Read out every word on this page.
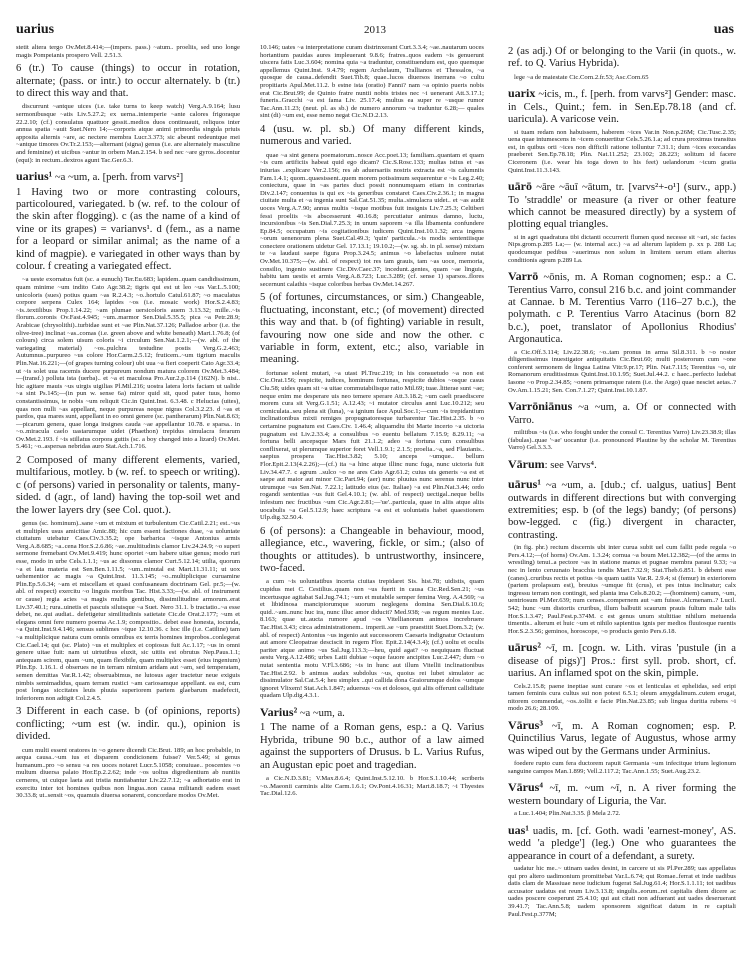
uarius	2013	uas

stetit altera tergo Ov.Met.8.414;—(impers. pass.) ~atum.. proeliis, sed uno longe magis Pompeianis prospero Vell. 2.51.3.

6 (tr.) To cause (things) to occur in rotation, alternate; (pass. or intr.) to occur alternately. b (tr.) to direct this way and that.

discurrunt ~antque uices (i.e. take turns to keep watch) Verg.A.9.164; lusu sermonibusque ~atis Liv.5.27.2; ex uerna..intemperie ~ante calores frigoraque 22.2.10; (cf.) consulatus quattuor gessit..medios duos continuauit, reliquos inter annua spatia ~auit Suet.Nero 14;—corporis atque animi primordia singula priuis apposita alternis ~are, ac nectere membra Lucr.3.373; sic abeunt redeuntque mei ~antque timores Ov.Tr.2.153;—alternant (signa) genus (i.e. are alternately masculine and feminine) et uicibus ~antur in orbem Man.2.154. b sed nec ~are gyros..docentur (equi): in rectum..dextros agunt Tac.Ger.6.3.

uarius¹ ~a ~um, a. [perh. from varvs²]

1 Having two or more contrasting colours, particoloured, variegated. b (w. ref. to the colour of the skin after flogging). c (as the name of a kind of vine or its grapes) = varianvs¹. d (fem., as a name for a leopard or similar animal; as the name of a kind of magpie). e variegated in other ways than by colour. f creating a variegated effect.

~a ueste exornatus fuit (sc. a eunuch) Ter.Eu.683; lapidem..quam candidissimum, quam minime ~um indito Cato Agr.38.2; tigris qui est ut leo ~us Var.L.5.100; unicoloris (sues) potius quam ~as R.2.4.3; ~o..hortulo Catul.61.87; ~o maculatus corpore serpens Culex 164; lapides ~os (i.e. mosaic work) Hor.S.2.4.83; ~is..textilibus Prop.1.14.22; ~am plumae uersicoloris auem 3.13.32; mille..~is florum..coronis Ov.Fast.4.945; ~um..marmor Sen.Dial.5.35.5; pica ~a Petr.28.9; Arabicae (chrysolithi)..turbidae sunt et ~ae Plin.Nat.37.126; Palladoe arbor (i.e. the olive-tree) inclinat ~as..comas (i.e. green above and white beneath) Mart.1.76.8; (of colours) circa solem uisum coloris ~i circulum Sen.Nat.1.2.1;—(w. abl. of the variegating material) ~os..pulchra testudine postis Verg.G.2.463; Autumnus..purpureo ~us colore Hor.Carm.2.5.12; fruticem..~um tigrium maculis Plin.Nat.16.221;—(of grapes turning colour) ubi uua ~a fieri coeperit Cato Agr.33.4; ut ~is solet uua racemis ducere purpureum nondum matura colorem Ov.Met.3.484; —(transf.) polluta ista (uerba).. et ~a et maculosa Pro.Aur.2.p.114 (162N). b nisi.. hic agitare mauis ~us uirgis uigilias Pl.Mil.216; uostra latera loris faciam ut ualide ~a sint Ps.145;—(in pun w. sense 6a) miror quid sit, quod pater tuus, homo constantissimus, te nobis ~um reliquit Cic.in Quint.Inst. 6.3.48. c Helucias (uites), quas non nulli ~as appellant, neque purpureas neque nigras Col.3.2.23. d ~as et pardos, qua mares sunt, appellant in eo omni genere (sc. pantherarum) Plin.Nat.8.63;—picarum genera, quae longa insignes cauda ~ae appellantur 10.78. e sparsa.. in ~o..miracula caelo uastarumque uidet (Phaethon) trepidus simulacra ferarum Ov.Met.2.193. f ~is stillatus corpora guttis (sc. a boy changed into a lizard) Ov.Met. 5.461; ~o..aspersas nebridas auro Stat.Ach.1.716.

2 Composed of many different elements, varied, multifarious, motley. b (w. ref. to speech or writing). c (of persons) varied in personality or talents, many-sided. d (agr., of land) having the top-soil wet and the lower layers dry (see Col. quot.).

genus (sc. hominum)..sane ~um et mixtum et turbulentum Cic.Catil.2.21; est..~us et multiplex usus amicitiae Amic.88; hic cum essent factiones duae, ~a uoluntate ciuitatum utebatur Caes.Civ.3.35.2; ope barbarica ~isque Antonius armis Verg.A.8.685; ~a..cena Hor.S.2.6.86; ~ae..multitudinis clamor Liv.24.24.9; ~o superi sermone fremebant Ov.Met.9.419; hunc oportet ~um habere uitae genus; modo ruri esse, modo in urbe Cels.1.1.1; ~us ac dissonus clamor Curt.5.12.14; utilia, quorum ~a et lata materia est Sen.Ben.1.11.5; ~um..minutal est Mart.11.31.11; ut uox uehementior ac magis ~a Quint.Inst. 11.3.145; ~o..multiplicique curuamine Plin.Ep.5.6.34; ~am et miscellam et quasi confusaneam doctrinam Gel. pr.5;—(w. abl. of respect) exercitu ~o linguis moribus Tac. Hist.3.33;—(w. abl. of instrument or cause) regia acies ~a magis multis gentibus, dissimilitudine armorum..erat Liv.37.40.1; rura..uinetis et pascuis siluisque ~a Suet. Nero 31.1. b tractatio..~a esse debet, ne..qui audiat.. defetigetur similitudinis satietate Cic.de Orat.2.177; ~um et elegans omni fere numero poema Ac.1.9; compositio.. debet esse honesta, iocunda, ~a Quint.Inst.9.4.146; sensus sublimes ~ique 12.10.36. c hoc ille (i.e. Catiline) tam ~a multiplicique natura cum omnis omnibus ex terris homines improbos..conlegerat Cic.Cael.14; qui (sc. Plato) ~us et multiplex et copiosus fuit Ac.1.17; ~us in omni genere uitae fuit: nam ut uirtutibus eluxit, sic uitiis est obrutus Nep.Paus.1.1; antequam scirem, quam ~um, quam flexibile, quam multiplex esset (eius ingenium) Plin.Ep. 1.16.1. d obserues ne in terram nimium aridam aut ~am, sed temperatam, semen demittas Var.R.1.42; obseruabimus, ne lutosus ager tractetur neue exiguis nimbis semimadidus, quam terram rustici ~am cariosamque appellant. ea est, cum post longas siccitates leuis pluuia superiorem partem glaebarum madefecit, inferiorem non adtigit Col.2.4.5.

3 Different in each case. b (of opinions, reports) conflicting; ~um est (w. indir. qu.), opinion is divided.

cum multi essent oratores in ~o genere dicendi Cic.Brut. 189; an hoc probabile, in aequa causa..~um ius et disparem condicionem fuisse? Ver.5.49; si genus humanum..pro ~o sensu ~a res uoces notaret Lucr.5.1058; conuiuae.. poscentes ~o multum diuersa palato Hor.Ep.2.2.62; inde ~os uoltus digredientium ab nuntiis cerneres, ut cuique laeta aut tristia nuntiabantur Liv.22.7.12; ~a adhortatio erat in exercitu inter tot homines quibus non lingua..non causa militandi eadem esset 30.33.8; ut..sensit ~os, quamuis diuersa sonarent, concordare modos Ov.Met.

10.146; uates ~a interpretatione curam distrinxerant Curt.3.3.4; ~ae..nautarum uoces hortantium pauidas aures impleuerant 9.8.6; fratres..quos eadem ~is genuerunt uiscera fatis Luc.3.604; nomina quia ~a traduntur, constituendum est, quo quemque appellemus Quint.Inst. 9.4.79; regem Archelaum, Trallianos et Thessalos, ~a quosque de causa..defendit Suet.Tib.8; quae..lucos diuersos inerrans ~o cultu propitiaris Apul.Met.11.2. b estne ista (oratio) Fanni? nam ~a opinio pueris nobis erat Cic.Brut.99; de Quinto fratre nuntii nobis tristes nec ~i uenerant Att.3.17.1; funeris..Gracchi ~a est fama Liv. 25.17.4; multus ea super re ~usque rumor Tac.Ann.11.23; (neut. pl. as sb.) de numero annorum ~a traduntur 6.28;— quales sint (di) ~um est, esse nemo negat Cic.N.D.2.13.

4 (usu. w. pl. sb.) Of many different kinds, numerous and varied.

quae ~a sint genera poematorum..nosce Acc.poet.13; familiam..quantam et quam ~is cum artificiis habeat quid ego dicam? Cic.S.Rosc.133; multas istius et ~as iniurias ..explicare Ver.2.156; res ab aduersariis nostris extracta est ~is calumniis Fam.1.4.1; quom..quaesissent..quem morem potissimum sequerentur e ~is Leg.2.40; coniectura, quae in ~as partes duci possit nonnumquam etiam in contrarias Div.2.147; conuentus is qui ex ~is generibus constaret Caes.Civ.2.36.1; in magna ciuitate multa et ~a ingenia sunt Sal.Cat.51.35; multa..simulacra uidet.. et ~as audit uoces Verg.A.7.90; annus multis ~isque motibus fuit insignis Liv.7.25.3; Celtiberi fessi proeliis ~is abscesserunt 40.16.8; percutiatur animus damno, luctu, incursionibus ~is Sen.Dial.7.25.3; in unum saporem ~a illa libamenta confundere Ep.84.5; occupatum ~is cogitationibus iudicem Quint.Inst.10.1.32; arca ingens ~orum uenenorum plena Suet.Cal.49.3; 'quin' particula..~is modis sententiisque conectere orationem uidetur Gel. 17.13.1; 19.10.2;—(w. sg. sb. in pl. sense) mixtam te ~a laudaui saepe figura Prop.3.24.5; animus ~o labefactus uulnere nutat Ov.Met.10.375;—(w. abl. of respect) tot res tam grauis, tam ~as uoce, memoria, consilio, ingenio sustinere Cic.Div.Caec.37; incedunt..gentes, quam ~ae linguis, habitu tam uestis et armis Verg.A.8.723; Luc.3.289; (cf. sense 1) sparsos..flores secernunt calathis ~isque coloribus herbas Ov.Met.14.267.

5 (of fortunes, circumstances, or sim.) Changeable, fluctuating, inconstant, etc.; (of movement) directed this way and that. b (of fighting) variable in result, favouring now one side and now the other. c variable in form, extent, etc.; also, variable in meaning.

fortunae solent mutari, ~a utast Pl.Truc.219; in his consuetudo ~a non est Cic.Orat.156; respicite, iudices, hominum fortunas, respicite dubios ~osque casus Clu.58; uides quam sit ~a uitae commutabilisque ratio Mil.69; tuae..litterae sunt ~ae; neque enim me desperare uis neo temere sperare Att.3.18.2; ~um caeli praediscere morem cura sit Verg.G.1.51; A.12.43; ~i mutator circulus anni Luc.10.212; seu corniculata..seu plena sit (luna), ~a ignium face Apul.Soc.1;—cum ~is trepidantium inclinationibus mixti remiges propugnatoresque turbarentur Tac.Hist.2.35. b ~o certamine pugnatum est Caes.Civ. 1.46.4; aliquamdiu ibi Marte incerto ~a uictoria pugnatum est Liv.2.33.4; a consulibus ~o euentu bellatum 7.15.9; 8.29.11; ~a fortuna belli ancepsque Mars fuit 21.1.2; adeo ~a fortuna cum consulibus conflixerat, ut plerumque superior foret Vell.1.9.1; 2.1.5; proelia..~a, sed Flauianis.. saepius prospera Tac.Hist.3.82; 5.10; anceps ~umque.. bellum Flor.Epit.2.13(4.2.26);—(cf.) ita ~a hinc atque illinc nunc fuga, nunc uictoria fuit Liv.34.47.7. c agrum ..sulco ~o ne ares Cato Agr.61.2; cuius uis generis ~a est et saepe aut maior aut minor Cic.Part.94; (aer) nunc pluuius nunc serenus nunc inter utrumque ~us Sen.Nat. 7.22.1; latitudo eius (sc. Italiae) ~a est Plin.Nat.3.44; ordo rogandi sententias ~us fuit Gel.4.10.1; (w. abl. of respect) uectigal..neque bellis infestum nec fructibus ~um Cic.Agr.2.81;—'ue'..particula, quae in aliis atque aliis uocabulis ~a Gel.5.12.9; haec scriptura ~a est et uoluntatis habet quaestionem Ulp.dig.32.50.4.

6 (of persons): a Changeable in behaviour, mood, allegiance, etc., wavering, fickle, or sim.; (also of thoughts or attitudes). b untrustworthy, insincere, two-faced.

a cum ~is uoluntatibus incerta ciuitas trepidaret Sis. hist.78; uidistis, quam cupidus mei C. Cestilius..quam non ~us fuerit in causa Cic.Red.Sen.21; ~us incertusque agitabat Sal.Jug.74.1; ~um et mutabile semper femina Verg. A.4.569; ~a et libidinosa mancipiorumque suorum neglegens domina Sen.Dial.6.10.6; quid..~am..nunc huc ira, nunc illuc amor diducit? Med.938; ~as regum mentes Luc. 8.163; quae ut..aucta rumore apud ~os Vitellianorum animos increbruere Tac.Hist.3.43; circa administrationem.. imperii..se ~um praestitit Suet.Dom.3.2; (w. abl. of respect) Antonius ~us ingenio aut successorem Caesaris indignatur Octauium aut amore Cleopatrae desciscit in regem Flor. Epit.2.14(4.3.4); (cf.) uoltu et oculis pariter atque animo ~us Sal.Jug.113.3;—heu, quid agat? ~o nequiquam fluctuat aestu Verg.A.12.486; urbes Latii dubiae ~oque fauore ancipites Luc.2.447; dum ~o nutat sententia motu V.Fl.3.686; ~is in hunc aut illum Vitellii inclinationibus Tac.Hist.2.92. b animus audax subdolus ~us, quoius rei lubet simulator ac dissimulator Sal.Cat.5.4; heu simplex ..qui callida dona Graiorumque dolos ~umque ignoret Vlixem! Stat.Ach.1.847; aduersus ~os et dolosos, qui aliis offerunt calliditate quadam Ulp.dig.4.3.1.

Varius² ~a ~um, a.

1 The name of a Roman gens, esp.: a Q. Varius Hybrida, tribune 90 b.c., author of a law aimed against the supporters of Drusus. b L. Varius Rufus, an Augustan epic poet and tragedian.

a Cic.N.D.3.81; V.Max.8.6.4; Quint.Inst.5.12.10. b Hor.S.1.10.44; scriberis ~o..Maeonii carminis alite Carm.1.6.1; Ov.Pont.4.16.31; Mart.8.18.7; ~i Thyestes Tac.Dial.12.6.

2 (as adj.) Of or belonging to the Varii (in quots., w. ref. to Q. Varius Hybrida).

lege ~a de maiestate Cic.Corn.2.fr.53; Asc.Corn.65

uarix ~icis, m., f. [perh. from varvs²] Gender: masc. in Cels., Quint.; fem. in Sen.Ep.78.18 (and cf. uaricula). A varicose vein.

si tuam redam non habuissem, haberem ~ices Var.in Non.p.26M; Cic.Tusc.2.35; uena quae intumescens in ~icem conuertitur Cels.5.26.1.a; ad crura proximus transitus est, in quibus orti ~ices non difficili ratione tolluntur 7.31.1; dum ~ices execandas praeberet Sen.Ep.78.18; Plin. Nat.11.252; 23.102; 28.223; solitum id facere Ciceronem (i.e. wear his toga down to his feet) uelandorum ~icum gratia Quint.Inst.11.3.143.

uārō ~āre ~āuī ~ātum, tr. [varvs²+-o¹] (surv., app.) To 'straddle' or measure (a river or other feature which cannot be measured directly) by a system of plotting equal triangles.

si in agri quadratura tibi dictanti occurrerit flumen quod necesse sit ~ari, sic facies Nips.grom.p.285 La;— (w. internal acc.) ~a ad alterum lapidem p. xx p. 288 La; quodcumque pedibus ~auerimus non solum in limitem uerum etiam alterius conditionis agrum p.289 La.

Varrō ~ōnis, m. A Roman cognomen; esp.: a C. Terentius Varro, consul 216 b.c. and joint commander at Cannae. b M. Terentius Varro (116–27 b.c.), the polymath. c P. Terentius Varro Atacinus (born 82 b.c.), poet, translator of Apollonius Rhodius' Argonautica.

a Cic.Off.3.114; Liv.22.38.6; ~o..tam pronus in arma Sil.8.311. b ~o noster diligentissimus inuestigator antiquitatis Cic.Brut.60; multi posterorum cum ~one conferent sermonem de lingua Latina Vitr.9.pr.17; Plin. Nat.7.115; Terentius ~o, uir Romanorum eruditissimus Quint.Inst.10.1.95; Suet.Jul.44.2. c haec..perfecto ludebat Iasone ~o Prop.2.34.85; ~onem primamque ratem (i.e. the Argo) quae nesciet aetas..? Ov.Am.1.15.21; Sen. Con.7.1.27; Quint.Inst.10.1.87.

Varrōniānus ~a ~um, a. Of or connected with Varro.

militibus ~is (i.e. who fought under the consul C. Terentius Varro) Liv.23.38.9; illas (fabulas)..quae '~ae' uocantur (i.e. pronounced Plautine by the scholar M. Terentius Varro) Gel.3.3.3.

Vārum: see Varvs⁴.
uārus¹ ~a ~um, a. [dub.; cf. ualgus, uatius] Bent outwards in different directions but with converging extremities; esp. b (of the legs) bandy; (of persons) bow-legged. c (fig.) divergent in character, contrasting.

(in fig. phr.) rectum discernis ubi inter curua subit uel cum fallit pede regula ~o Pers.4.12;—(of horns) Ov.Am. 1.3.24; cornua ~a boum Met.12.382;—(of the arms in wrestling) tenui..a pectore ~as in statione manus et pugnae membra paraui 9.33; ~a nec in lento ceruunato bracchia tendis Mart.7.32.9; Stat.Theb.6.851. b debent esse (canes)..cruribus rectis et potius ~is quam uatiis Var.R. 2.9.4; si (femur) in exteriorem (partem prolapsum est), breuius ~umque fit (crus), et pes intus inclinatur; calx ingressu terram non contingit, sed planta ima Cels.8.20.2; —(hominem) canum, ~um, uentriosum Pl.Mer.639; num censes..compernem aut ~am fuisse..Alcmenam..? Lucil. 542; hunc ~um distortis cruribus, illum balbutit scaurum prauis fultum male talis Hor.S.1.3.47; Paul.Fest.p.374M. c est genus unum stultitiae nihilum metuenda timentis.. alterum et huic ~um et nihilo sapientius ignis per medios fluuiosque ruentis Hor.S.2.3.56; geminos, horoscope, ~o producis genio Pers.6.18.

uārus² ~ī, m. [cogn. w. Lith. viras 'pustule (in a disease of pigs)'] Pros.: first syll. prob. short, cf. uarius. An inflamed spot on the skin, pimple.

Cels.2.15.8; paene ineptiae sunt curare ~os et lenticulas et ephelidas, sed eripi tamen feminis cura cultus sui non potest 6.5.1; oleum amygdalinum..cutem erugat, nitorem commendat, ~os..tollit e facie Plin.Nat.23.85; sub lingua duritia rubens ~i modo 26.6; 28.109.

Vārus³ ~ī, m. A Roman cognomen; esp. P. Quinctilius Varus, legate of Augustus, whose army was wiped out by the Germans under Arminius.

foedere rupto cum fera ductorem rapuit Germania ~um infecitque trium legionum sanguine campos Man.1.899; Vell.2.117.2; Tac.Ann.1.55; Suet.Aug.23.2.

Vārus⁴ ~ī, m. ~um ~ī, n. A river forming the western boundary of Liguria, the Var.

a Luc.1.404; Plin.Nat.3.35. β Mela 2.72.

uas¹ uadis, m. [cf. Goth. wadi 'earnest-money', AS. wedd 'a pledge'] (leg.) One who guarantees the appearance in court of a defendant, a surety.

uadatur hic me..~ utinam uades desint, in carcere ut sis Pl.Per.289; uas appellatus qui pro altero uadimonium promittebat Var.L.6.74; qui Romae..ferrat et inde uadibus datis clam de Massiuae neoe iudicium fugerat Sal.Jug.61.4; Hor.S.1.1.11; tot uadibus accusator uadatus est reum Liv.3.13.8; singulis..eorum..rei capitalis diem dicere ac uades poscere coeperunt 25.4.10; qui aut citati non adfuerant aut uades deseruerant 39.41.7; Tac.Ann.5.8; uadem sponsorem significat datum in re capitali Paul.Fest.p.377M;
